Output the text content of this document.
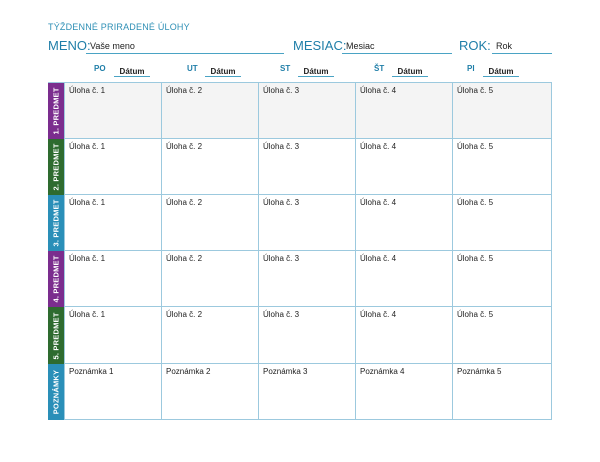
TÝŽDENNÉ PRIRADENÉ ÚLOHY
MENO: Vaše meno	MESIAC: Mesiac	ROK: Rok
PO	Dátum	UT	Dátum	ST	Dátum	ŠT	Dátum	PI	Dátum
1. PREDMET	Úloha č. 1	Úloha č. 2	Úloha č. 3	Úloha č. 4	Úloha č. 5
2. PREDMET	Úloha č. 1	Úloha č. 2	Úloha č. 3	Úloha č. 4	Úloha č. 5
3. PREDMET	Úloha č. 1	Úloha č. 2	Úloha č. 3	Úloha č. 4	Úloha č. 5
4. PREDMET	Úloha č. 1	Úloha č. 2	Úloha č. 3	Úloha č. 4	Úloha č. 5
5. PREDMET	Úloha č. 1	Úloha č. 2	Úloha č. 3	Úloha č. 4	Úloha č. 5
POZNÁMKY	Poznámka 1	Poznámka 2	Poznámka 3	Poznámka 4	Poznámka 5
